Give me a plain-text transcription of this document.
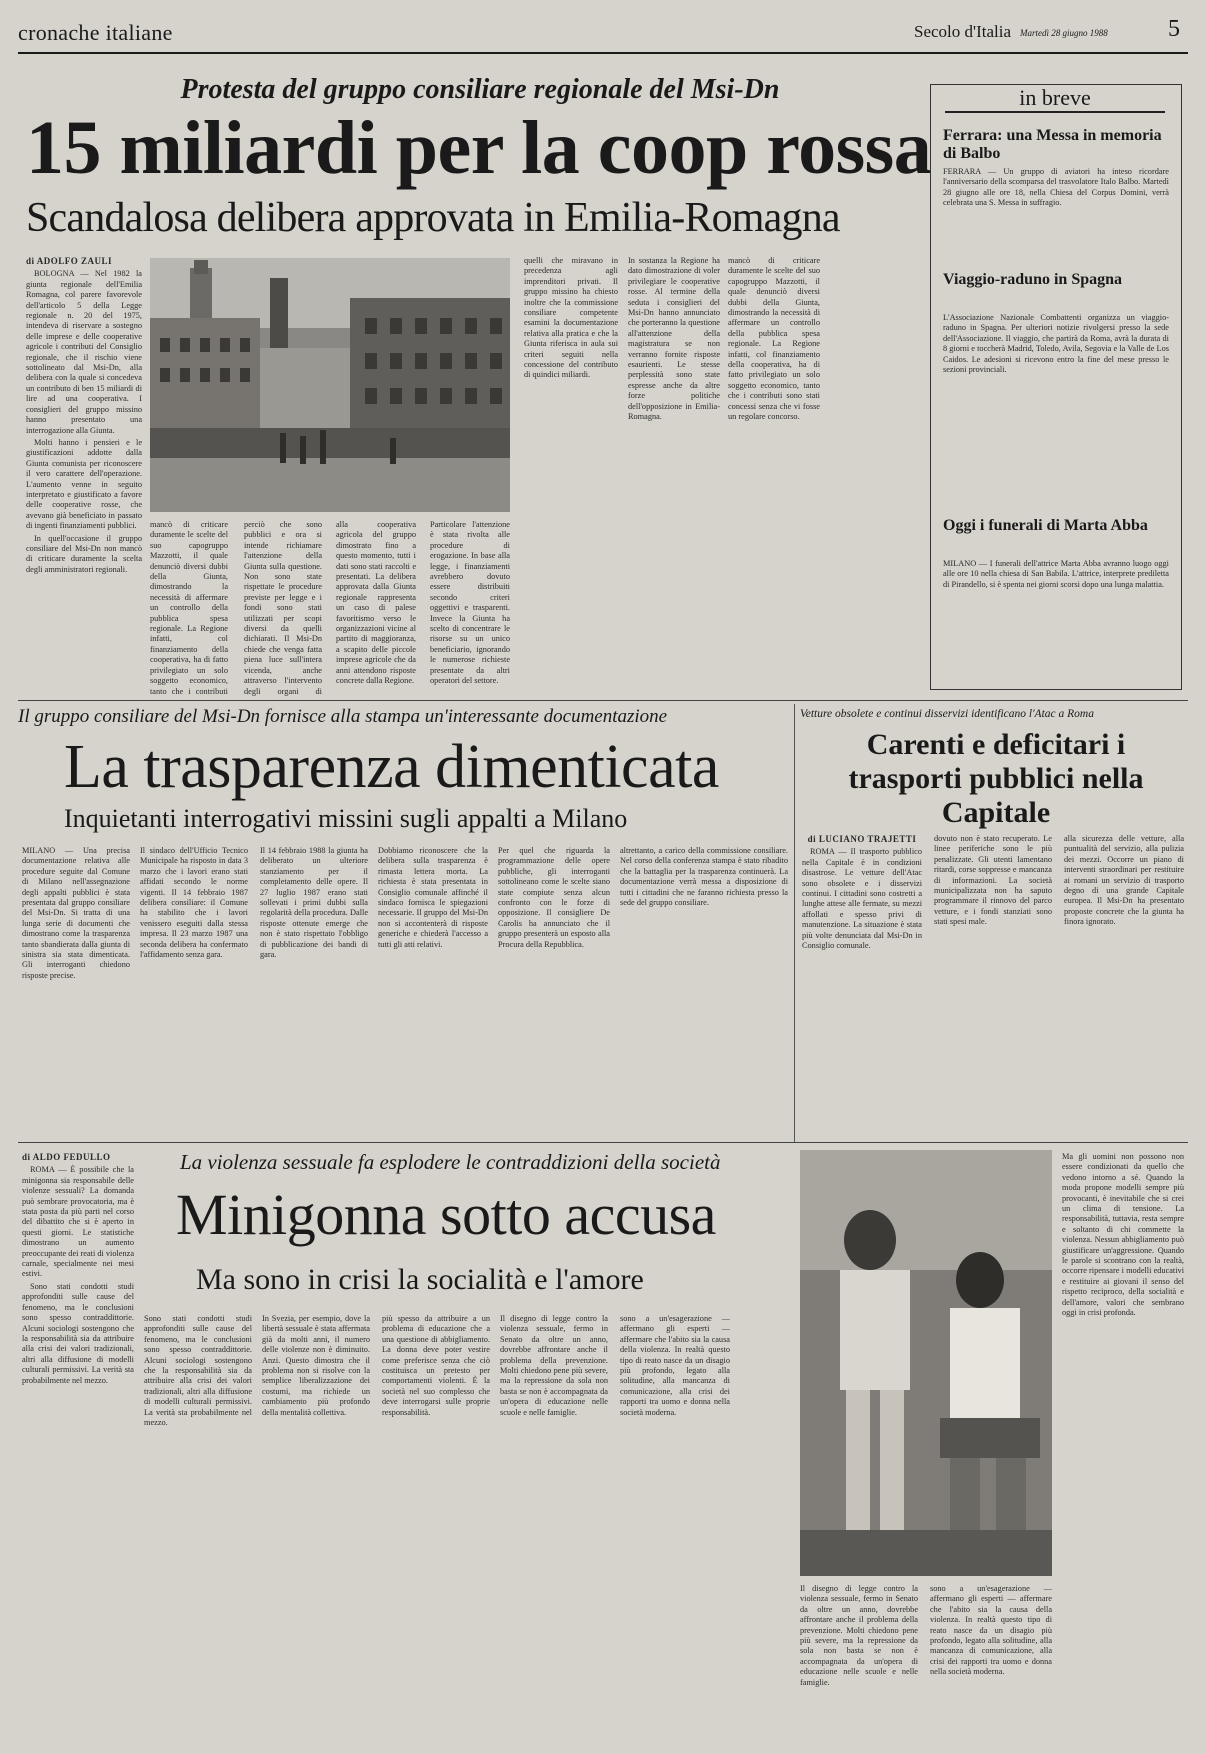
cronache italiane	Secolo d'Italia Martedì 28 giugno 1988	5
Protesta del gruppo consiliare regionale del Msi-Dn
15 miliardi per la coop rossa
Scandalosa delibera approvata in Emilia-Romagna
di ADOLFO ZAULI

BOLOGNA — Nel 1982 la giunta regionale dell'Emilia Romagna, col parere favorevole dell'articolo 5 della Legge regionale n. 20 del 1975, intendeva di riservare a sostegno delle imprese e delle cooperative agricole i contributi del Consiglio regionale, che il rischio viene sottolineato dal Msi-Dn, alla delibera con la quale si concedeva un contributo di ben 15 miliardi di lire ad una cooperativa. I consiglieri del gruppo missino hanno presentato una interrogazione alla Giunta.

Molti hanno i pensieri e le giustificazioni addotte dalla Giunta comunista per riconoscere il vero carattere dell'operazione. L'aumento venne in seguito interpretato e giustificato a favore delle cooperative rosse, che avevano già beneficiato in passato di ingenti finanziamenti pubblici.

In quell'occasione il gruppo consiliare del Msi-Dn non mancò di criticare duramente la scelta degli amministratori regionali.

mancò di criticare duramente le scelte del suo capogruppo Mazzotti, il quale denunciò diversi dubbi della Giunta, dimostrando la necessità di affermare un controllo della pubblica spesa regionale. La Regione infatti, col finanziamento della cooperativa, ha di fatto privilegiato un solo soggetto economico, tanto che i contributi
perciò che sono pubblici e ora si intende richiamare l'attenzione della Giunta sulla questione. Non sono state rispettate le procedure previste per legge e i fondi sono stati utilizzati per scopi diversi da quelli dichiarati. Il Msi-Dn chiede che venga fatta piena luce sull'intera vicenda, anche attraverso l'intervento degli organi di
alla cooperativa agricola del gruppo dimostrato fino a questo momento, tutti i dati sono stati raccolti e presentati. La delibera approvata dalla Giunta regionale rappresenta un caso di palese favoritismo verso le organizzazioni vicine al partito di maggioranza, a scapito delle piccole imprese agricole che da anni attendono risposte concrete dalla Regione.
Particolare l'attenzione è stata rivolta alle procedure di erogazione. In base alla legge, i finanziamenti avrebbero dovuto essere distribuiti secondo criteri oggettivi e trasparenti. Invece la Giunta ha scelto di concentrare le risorse su un unico beneficiario, ignorando le numerose richieste presentate da altri operatori del settore.
quelli che miravano in precedenza agli imprenditori privati. Il gruppo missino ha chiesto inoltre che la commissione consiliare competente esamini la documentazione relativa alla pratica e che la Giunta riferisca in aula sui criteri seguiti nella concessione del contributo di quindici miliardi.
In sostanza la Regione ha dato dimostrazione di voler privilegiare le cooperative rosse. Al termine della seduta i consiglieri del Msi-Dn hanno annunciato che porteranno la questione all'attenzione della magistratura se non verranno fornite risposte esaurienti. Le stesse perplessità sono state espresse anche da altre forze politiche dell'opposizione in Emilia-Romagna.
mancò di criticare duramente le scelte del suo capogruppo Mazzotti, il quale denunciò diversi dubbi della Giunta, dimostrando la necessità di affermare un controllo della pubblica spesa regionale. La Regione infatti, col finanziamento della cooperativa, ha di fatto privilegiato un solo soggetto economico, tanto che i contributi sono stati concessi senza che vi fosse un regolare concorso.
in breve
Ferrara: una Messa in memoria di Balbo
FERRARA — Un gruppo di aviatori ha inteso ricordare l'anniversario della scomparsa del trasvolatore Italo Balbo. Martedì 28 giugno alle ore 18, nella Chiesa del Corpus Domini, verrà celebrata una S. Messa in suffragio.
Viaggio-raduno in Spagna
L'Associazione Nazionale Combattenti organizza un viaggio-raduno in Spagna. Per ulteriori notizie rivolgersi presso la sede dell'Associazione. Il viaggio, che partirà da Roma, avrà la durata di 8 giorni e toccherà Madrid, Toledo, Avila, Segovia e la Valle de Los Caidos. Le adesioni si ricevono entro la fine del mese presso le sezioni provinciali.
Oggi i funerali di Marta Abba
MILANO — I funerali dell'attrice Marta Abba avranno luogo oggi alle ore 10 nella chiesa di San Babila. L'attrice, interprete prediletta di Pirandello, si è spenta nei giorni scorsi dopo una lunga malattia.
Il gruppo consiliare del Msi-Dn fornisce alla stampa un'interessante documentazione
La trasparenza dimenticata
Inquietanti interrogativi missini sugli appalti a Milano
MILANO — Una precisa documentazione relativa alle procedure seguite dal Comune di Milano nell'assegnazione degli appalti pubblici è stata presentata dal gruppo consiliare del Msi-Dn. Si tratta di una lunga serie di documenti che dimostrano come la trasparenza tanto sbandierata dalla giunta di sinistra sia stata dimenticata. Gli interroganti chiedono risposte precise.
Il sindaco dell'Ufficio Tecnico Municipale ha risposto in data 3 marzo che i lavori erano stati affidati secondo le norme vigenti. Il 14 febbraio 1987 delibera consiliare: il Comune ha stabilito che i lavori venissero eseguiti dalla stessa impresa. Il 23 marzo 1987 una seconda delibera ha confermato l'affidamento senza gara.
Il 14 febbraio 1988 la giunta ha deliberato un ulteriore stanziamento per il completamento delle opere. Il 27 luglio 1987 erano stati sollevati i primi dubbi sulla regolarità della procedura. Dalle risposte ottenute emerge che non è stato rispettato l'obbligo di pubblicazione dei bandi di gara.
Dobbiamo riconoscere che la delibera sulla trasparenza è rimasta lettera morta. La richiesta è stata presentata in Consiglio comunale affinché il sindaco fornisca le spiegazioni necessarie. Il gruppo del Msi-Dn non si accontenterà di risposte generiche e chiederà l'accesso a tutti gli atti relativi.
Per quel che riguarda la programmazione delle opere pubbliche, gli interroganti sottolineano come le scelte siano state compiute senza alcun confronto con le forze di opposizione. Il consigliere De Carolis ha annunciato che il gruppo presenterà un esposto alla Procura della Repubblica.
altrettanto, a carico della commissione consiliare. Nel corso della conferenza stampa è stato ribadito che la battaglia per la trasparenza continuerà. La documentazione verrà messa a disposizione di tutti i cittadini che ne faranno richiesta presso la sede del gruppo consiliare.
Vetture obsolete e continui disservizi identificano l'Atac a Roma
Carenti e deficitari i trasporti pubblici nella Capitale
di LUCIANO TRAJETTI

ROMA — Il trasporto pubblico nella Capitale è in condizioni disastrose. Le vetture dell'Atac sono obsolete e i disservizi continui. I cittadini sono costretti a lunghe attese alle fermate, su mezzi affollati e spesso privi di manutenzione. La situazione è stata più volte denunciata dal Msi-Dn in Consiglio comunale.

dovuto non è stato recuperato. Le linee periferiche sono le più penalizzate. Gli utenti lamentano ritardi, corse soppresse e mancanza di informazioni. La società municipalizzata non ha saputo programmare il rinnovo del parco vetture, e i fondi stanziati sono stati spesi male.
alla sicurezza delle vetture, alla puntualità del servizio, alla pulizia dei mezzi. Occorre un piano di interventi straordinari per restituire ai romani un servizio di trasporto degno di una grande Capitale europea. Il Msi-Dn ha presentato proposte concrete che la giunta ha finora ignorato.
di ALDO FEDULLO

ROMA — È possibile che la minigonna sia responsabile delle violenze sessuali? La domanda può sembrare provocatoria, ma è stata posta da più parti nel corso del dibattito che si è aperto in questi giorni. Le statistiche dimostrano un aumento preoccupante dei reati di violenza carnale, specialmente nei mesi estivi.

Sono stati condotti studi approfonditi sulle cause del fenomeno, ma le conclusioni sono spesso contraddittorie. Alcuni sociologi sostengono che la responsabilità sia da attribuire alla crisi dei valori tradizionali, altri alla diffusione di modelli culturali permissivi. La verità sta probabilmente nel mezzo.

La violenza sessuale fa esplodere le contraddizioni della società
Minigonna sotto accusa
Ma sono in crisi la socialità e l'amore
Sono stati condotti studi approfonditi sulle cause del fenomeno, ma le conclusioni sono spesso contraddittorie. Alcuni sociologi sostengono che la responsabilità sia da attribuire alla crisi dei valori tradizionali, altri alla diffusione di modelli culturali permissivi. La verità sta probabilmente nel mezzo.
In Svezia, per esempio, dove la libertà sessuale è stata affermata già da molti anni, il numero delle violenze non è diminuito. Anzi. Questo dimostra che il problema non si risolve con la semplice liberalizzazione dei costumi, ma richiede un cambiamento più profondo della mentalità collettiva.
più spesso da attribuire a un problema di educazione che a una questione di abbigliamento. La donna deve poter vestire come preferisce senza che ciò costituisca un pretesto per comportamenti violenti. È la società nel suo complesso che deve interrogarsi sulle proprie responsabilità.
Il disegno di legge contro la violenza sessuale, fermo in Senato da oltre un anno, dovrebbe affrontare anche il problema della prevenzione. Molti chiedono pene più severe, ma la repressione da sola non basta se non è accompagnata da un'opera di educazione nelle scuole e nelle famiglie.
sono a un'esagerazione — affermano gli esperti — affermare che l'abito sia la causa della violenza. In realtà questo tipo di reato nasce da un disagio più profondo, legato alla solitudine, alla mancanza di comunicazione, alla crisi dei rapporti tra uomo e donna nella società moderna.
Ma gli uomini non possono non essere condizionati da quello che vedono intorno a sé. Quando la moda propone modelli sempre più provocanti, è inevitabile che si crei un clima di tensione. La responsabilità, tuttavia, resta sempre e soltanto di chi commette la violenza. Nessun abbigliamento può giustificare un'aggressione. Quando le parole si scontrano con la realtà, occorre ripensare i modelli educativi e restituire ai giovani il senso del rispetto reciproco, della socialità e dell'amore, valori che sembrano oggi in crisi profonda.
Il disegno di legge contro la violenza sessuale, fermo in Senato da oltre un anno, dovrebbe affrontare anche il problema della prevenzione. Molti chiedono pene più severe, ma la repressione da sola non basta se non è accompagnata da un'opera di educazione nelle scuole e nelle famiglie.
sono a un'esagerazione — affermano gli esperti — affermare che l'abito sia la causa della violenza. In realtà questo tipo di reato nasce da un disagio più profondo, legato alla solitudine, alla mancanza di comunicazione, alla crisi dei rapporti tra uomo e donna nella società moderna.
